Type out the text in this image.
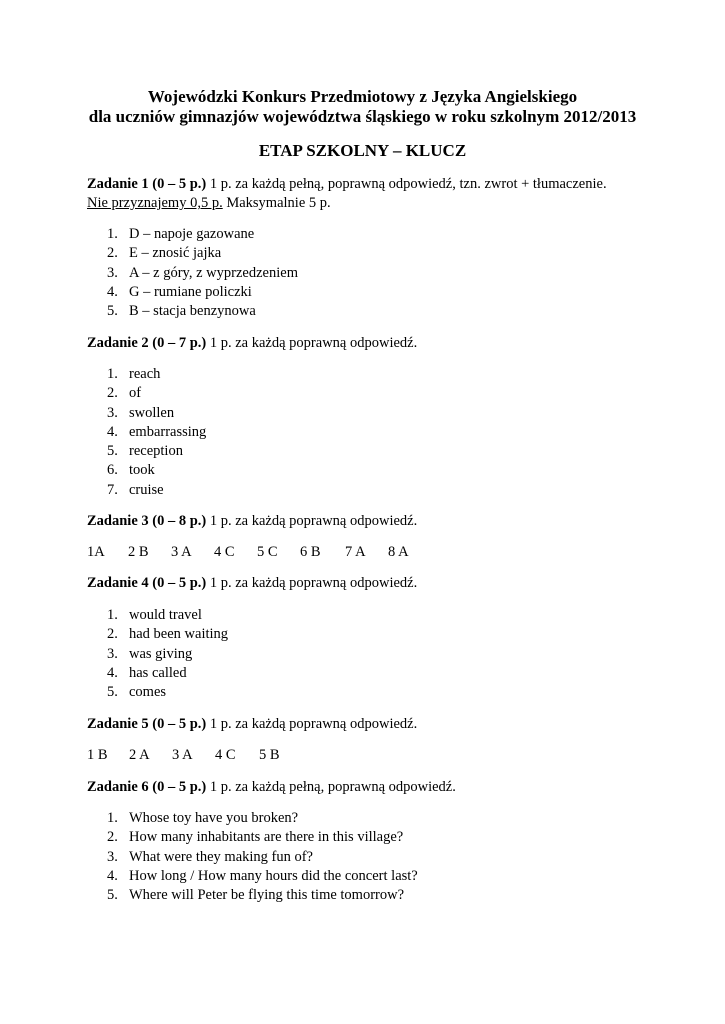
Wojewódzki Konkurs Przedmiotowy z Języka Angielskiego
dla uczniów gimnazjów województwa śląskiego w roku szkolnym 2012/2013
ETAP SZKOLNY – KLUCZ
Zadanie 1 (0 – 5 p.) 1 p. za każdą pełną, poprawną odpowiedź, tzn. zwrot + tłumaczenie.
Nie przyznajemy 0,5 p. Maksymalnie 5 p.
1. D – napoje gazowane
2. E – znosić jajka
3. A – z góry, z wyprzedzeniem
4. G – rumiane policzki
5. B – stacja benzynowa
Zadanie 2 (0 – 7 p.) 1 p. za każdą poprawną odpowiedź.
1. reach
2. of
3. swollen
4. embarrassing
5. reception
6. took
7. cruise
Zadanie 3 (0 – 8 p.) 1 p. za każdą poprawną odpowiedź.
1A	2 B	3 A	4 C	5 C	6 B	7 A	8 A
Zadanie 4 (0 – 5 p.) 1 p. za każdą poprawną odpowiedź.
1. would travel
2. had been waiting
3. was giving
4. has called
5. comes
Zadanie 5 (0 – 5 p.) 1 p. za każdą poprawną odpowiedź.
1 B	2 A	3 A	4 C	5 B
Zadanie 6 (0 – 5 p.) 1 p. za każdą pełną, poprawną odpowiedź.
1. Whose toy have you broken?
2. How many inhabitants are there in this village?
3. What were they making fun of?
4. How long / How many hours did the concert last?
5. Where will Peter be flying this time tomorrow?
